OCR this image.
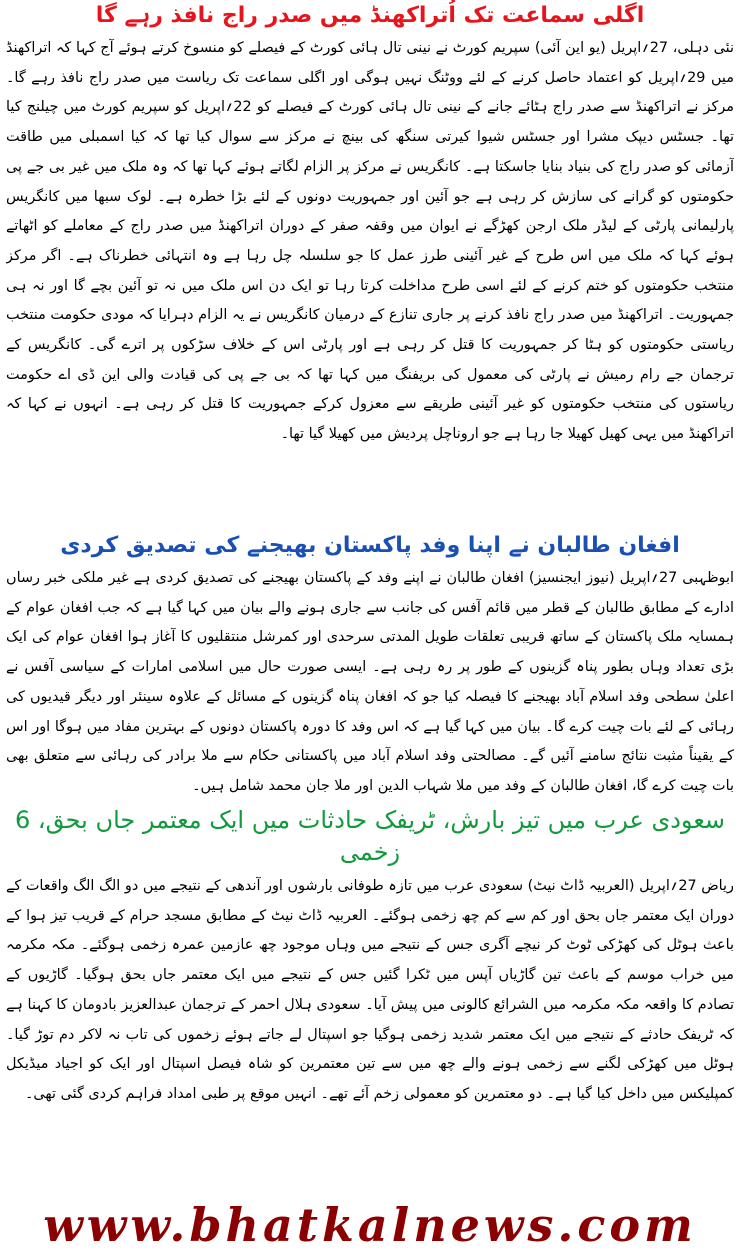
اگلی سماعت تک اُتراکھنڈ میں صدر راج نافذ رہے گا

نئی دہلی، 27؍اپریل (یو این آئی) سپریم کورٹ نے نینی تال ہائی کورٹ کے فیصلے کو منسوخ کرتے ہوئے آج کہا کہ اتراکھنڈ میں 29؍اپریل کو اعتماد حاصل کرنے کے لئے ووٹنگ نہیں ہوگی اور اگلی سماعت تک ریاست میں صدر راج نافذ رہے گا۔ مرکز نے اتراکھنڈ سے صدر راج ہٹائے جانے کے نینی تال ہائی کورٹ کے فیصلے کو 22؍اپریل کو سپریم کورٹ میں چیلنج کیا تھا۔ جسٹس دیپک مشرا اور جسٹس شیوا کیرتی سنگھ کی بینچ نے مرکز سے سوال کیا تھا کہ کیا اسمبلی میں طاقت آزمائی کو صدر راج کی بنیاد بنایا جاسکتا ہے۔ کانگریس نے مرکز پر الزام لگاتے ہوئے کہا تھا کہ وہ ملک میں غیر بی جے پی حکومتوں کو گرانے کی سازش کر رہی ہے جو آئین اور جمہوریت دونوں کے لئے بڑا خطرہ ہے۔ لوک سبھا میں کانگریس پارلیمانی پارٹی کے لیڈر ملک ارجن کھڑگے نے ایوان میں وقفہ صفر کے دوران اتراکھنڈ میں صدر راج کے معاملے کو اٹھاتے ہوئے کہا کہ ملک میں اس طرح کے غیر آئینی طرز عمل کا جو سلسلہ چل رہا ہے وہ انتہائی خطرناک ہے۔ اگر مرکز منتخب حکومتوں کو ختم کرنے کے لئے اسی طرح مداخلت کرتا رہا تو ایک دن اس ملک میں نہ تو آئین بچے گا اور نہ ہی جمہوریت۔ اتراکھنڈ میں صدر راج نافذ کرنے پر جاری تنازع کے درمیان کانگریس نے یہ الزام دہرایا کہ مودی حکومت منتخب ریاستی حکومتوں کو ہٹا کر جمہوریت کا قتل کر رہی ہے اور پارٹی اس کے خلاف سڑکوں پر اترے گی۔ کانگریس کے ترجمان جے رام رمیش نے پارٹی کی معمول کی بریفنگ میں کہا تھا کہ بی جے پی کی قیادت والی این ڈی اے حکومت ریاستوں کی منتخب حکومتوں کو غیر آئینی طریقے سے معزول کرکے جمہوریت کا قتل کر رہی ہے۔ انہوں نے کہا کہ اتراکھنڈ میں یہی کھیل کھیلا جا رہا ہے جو اروناچل پردیش میں کھیلا گیا تھا۔

افغان طالبان نے اپنا وفد پاکستان بھیجنے کی تصدیق کردی

ابوظہبی 27؍اپریل (نیوز ایجنسیز) افغان طالبان نے اپنے وفد کے پاکستان بھیجنے کی تصدیق کردی ہے غیر ملکی خبر رساں ادارے کے مطابق طالبان کے قطر میں قائم آفس کی جانب سے جاری ہونے والے بیان میں کہا گیا ہے کہ جب افغان عوام کے ہمسایہ ملک پاکستان کے ساتھ قریبی تعلقات طویل المدتی سرحدی اور کمرشل منتقلیوں کا آغاز ہوا افغان عوام کی ایک بڑی تعداد وہاں بطور پناہ گزینوں کے طور پر رہ رہی ہے۔ ایسی صورت حال میں اسلامی امارات کے سیاسی آفس نے اعلیٰ سطحی وفد اسلام آباد بھیجنے کا فیصلہ کیا جو کہ افغان پناہ گزینوں کے مسائل کے علاوہ سینئر اور دیگر قیدیوں کی رہائی کے لئے بات چیت کرے گا۔ بیان میں کہا گیا ہے کہ اس وفد کا دورہ پاکستان دونوں کے بہترین مفاد میں ہوگا اور اس کے یقیناً مثبت نتائج سامنے آئیں گے۔ مصالحتی وفد اسلام آباد میں پاکستانی حکام سے ملا برادر کی رہائی سے متعلق بھی بات چیت کرے گا، افغان طالبان کے وفد میں ملا شہاب الدین اور ملا جان محمد شامل ہیں۔

سعودی عرب میں تیز بارش، ٹریفک حادثات میں ایک معتمر جاں بحق، 6 زخمی

ریاض 27؍اپریل (العربیہ ڈاٹ نیٹ) سعودی عرب میں تازہ طوفانی بارشوں اور آندھی کے نتیجے میں دو الگ الگ واقعات کے دوران ایک معتمر جاں بحق اور کم سے کم چھ زخمی ہوگئے۔ العربیہ ڈاٹ نیٹ کے مطابق مسجد حرام کے قریب تیز ہوا کے باعث ہوٹل کی کھڑکی ٹوٹ کر نیچے آگری جس کے نتیجے میں وہاں موجود چھ عازمین عمرہ زخمی ہوگئے۔ مکہ مکرمہ میں خراب موسم کے باعث تین گاڑیاں آپس میں ٹکرا گئیں جس کے نتیجے میں ایک معتمر جاں بحق ہوگیا۔ گاڑیوں کے تصادم کا واقعہ مکہ مکرمہ میں الشرائع کالونی میں پیش آیا۔ سعودی ہلال احمر کے ترجمان عبدالعزیز بادومان کا کہنا ہے کہ ٹریفک حادثے کے نتیجے میں ایک معتمر شدید زخمی ہوگیا جو اسپتال لے جاتے ہوئے زخموں کی تاب نہ لاکر دم توڑ گیا۔ ہوٹل میں کھڑکی لگنے سے زخمی ہونے والے چھ میں سے تین معتمرین کو شاہ فیصل اسپتال اور ایک کو اجیاد میڈیکل کمپلیکس میں داخل کیا گیا ہے۔ دو معتمرین کو معمولی زخم آئے تھے۔ انہیں موقع پر طبی امداد فراہم کردی گئی تھی۔

www.bhatkalnews.com
